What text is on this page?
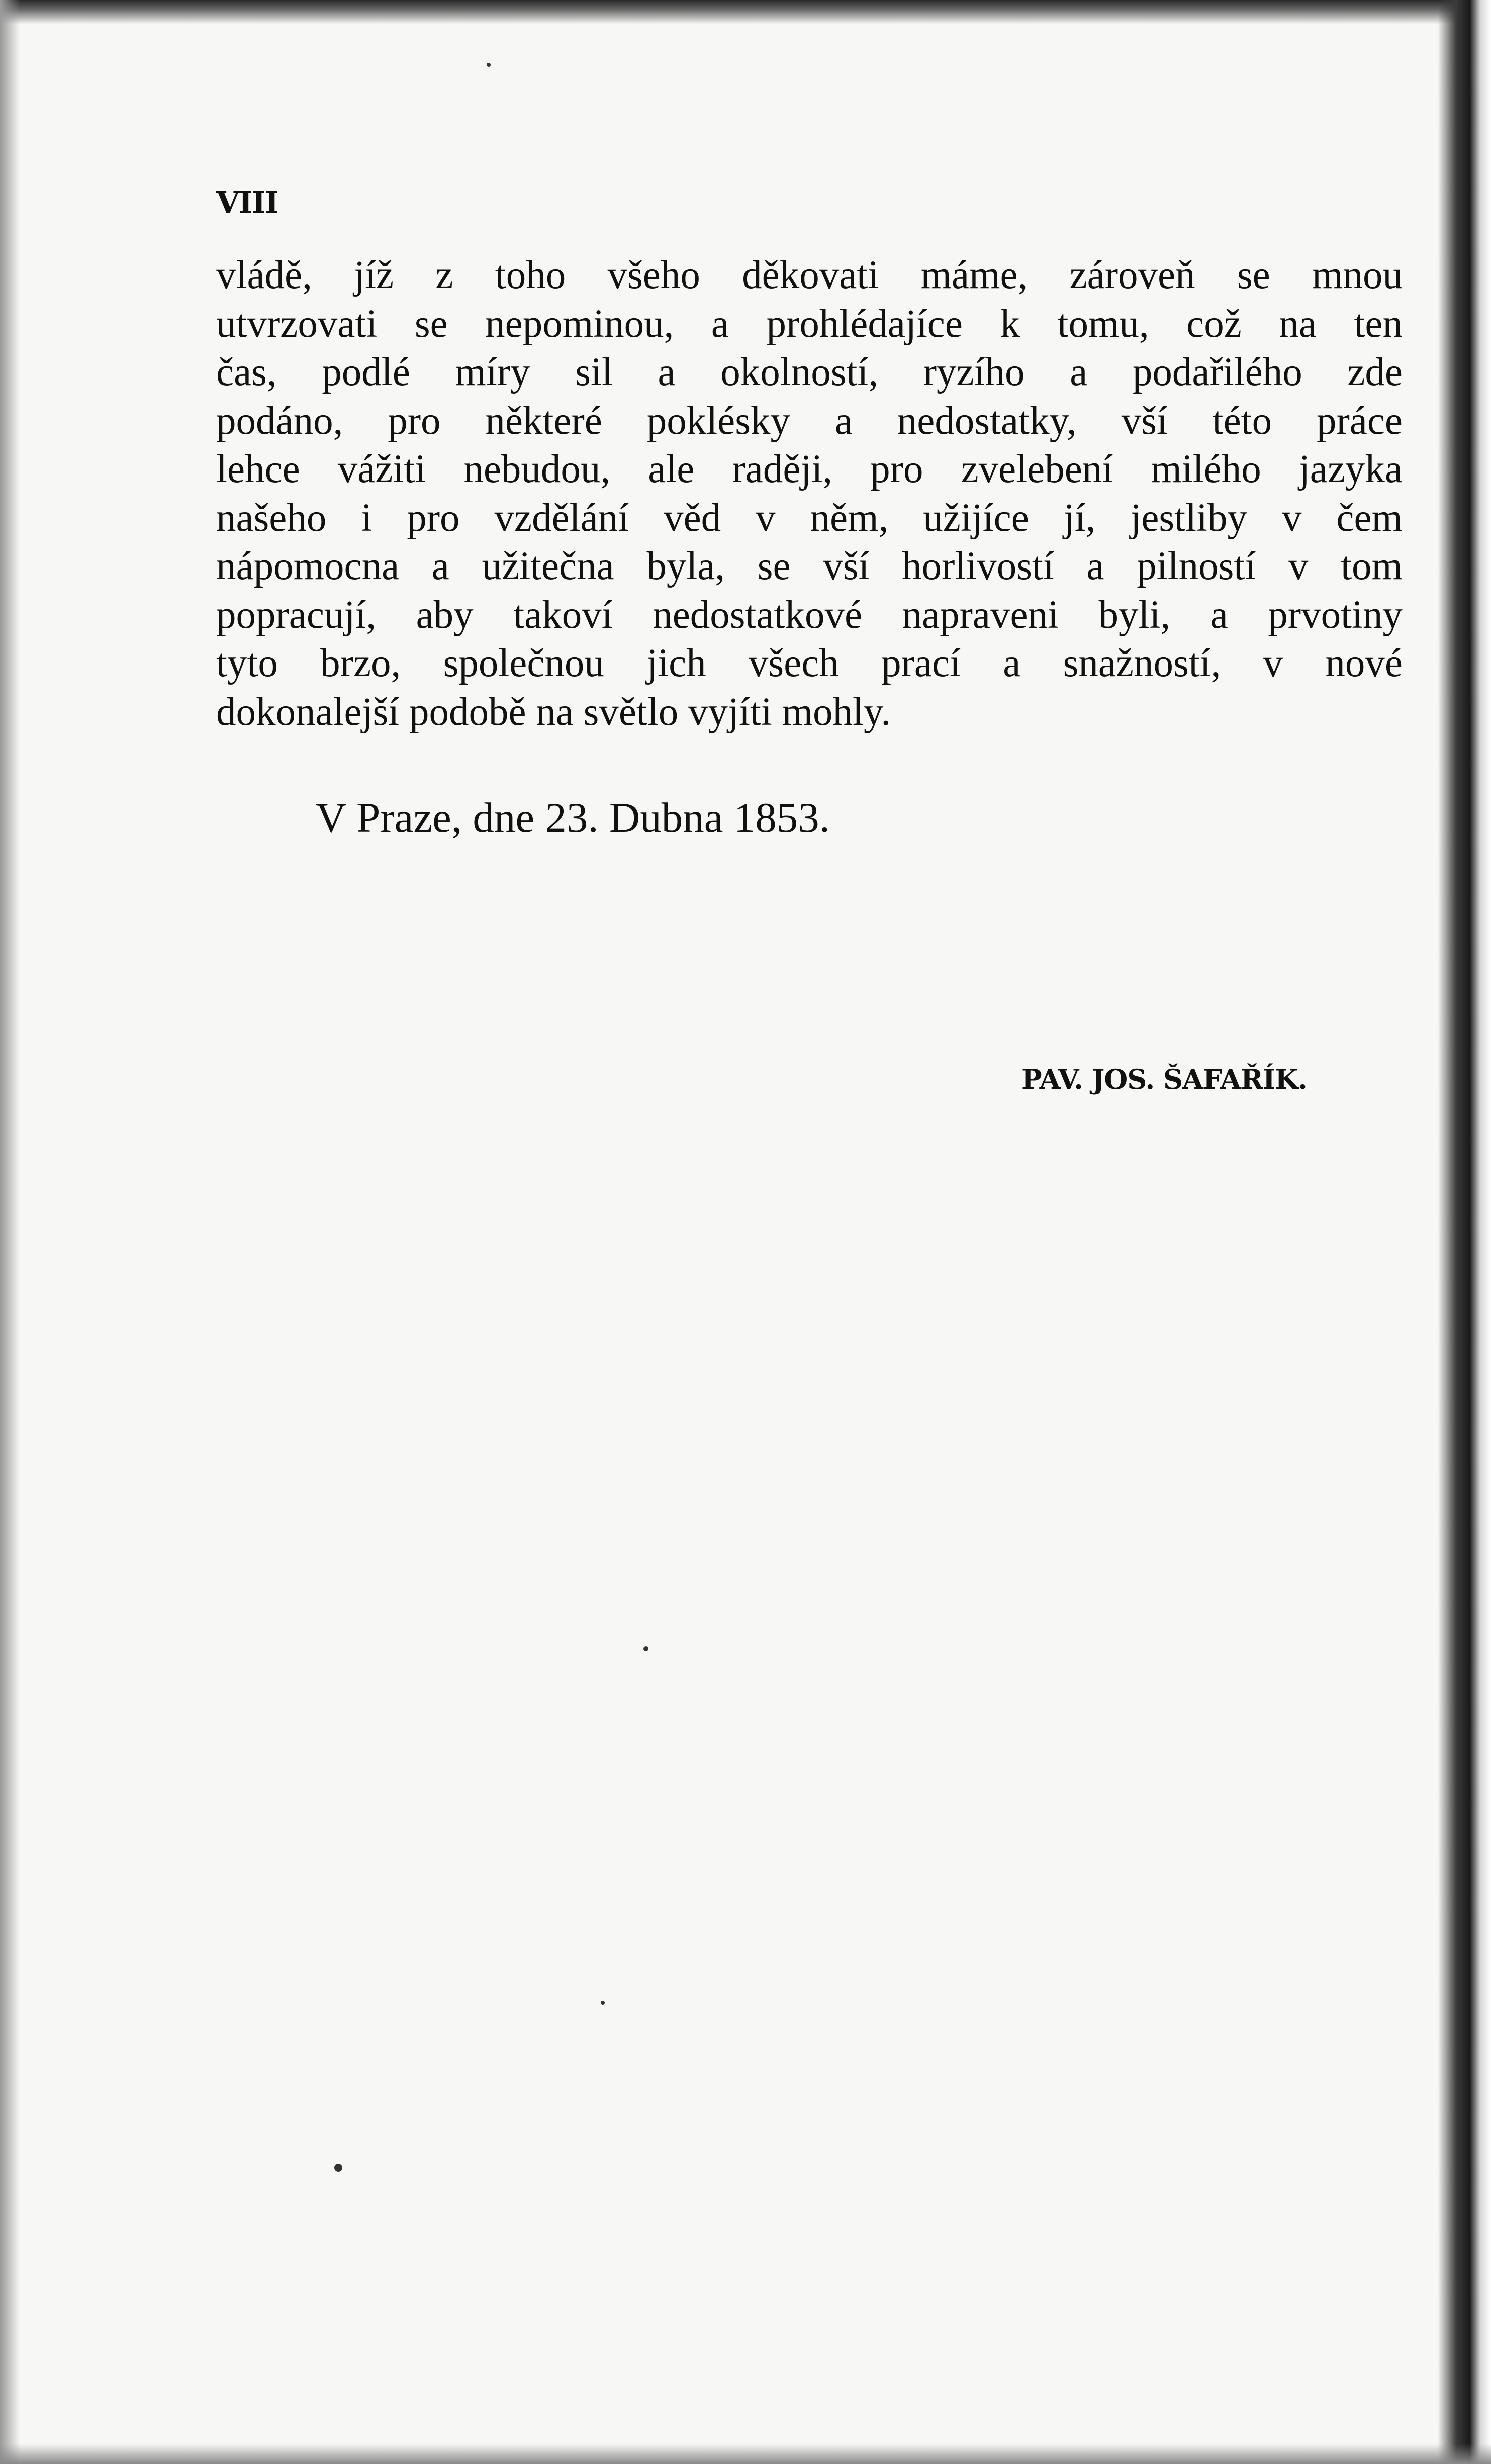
VIII
vládě, jíž z toho všeho děkovati máme, zároveň se mnou
utvrzovati se nepominou, a prohlédajíce k tomu, což na ten
čas, podlé míry sil a okolností, ryzího a podařilého zde
podáno, pro některé poklésky a nedostatky, vší této práce
lehce vážiti nebudou, ale raději, pro zvelebení milého jazyka
našeho i pro vzdělání věd v něm, užijíce jí, jestliby v čem
nápomocna a užitečna byla, se vší horlivostí a pilností v tom
popracují, aby takoví nedostatkové napraveni byli, a prvotiny
tyto brzo, společnou jich všech prací a snažností, v nové
dokonalejší podobě na světlo vyjíti mohly.
V Praze, dne 23. Dubna 1853.
PAV. JOS. ŠAFAŘÍK.
